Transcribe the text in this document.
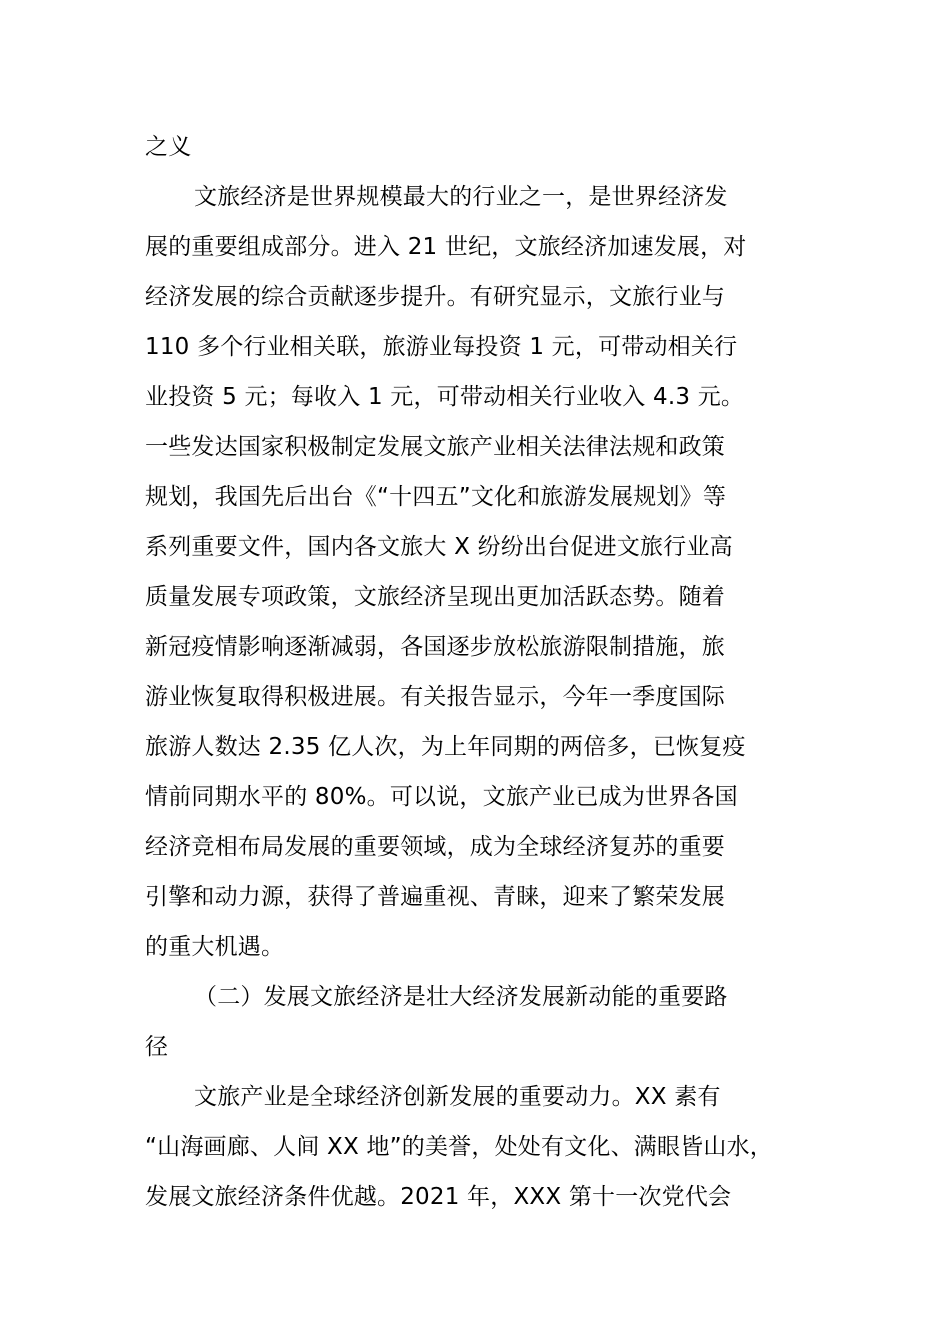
之义
文旅经济是世界规模最大的行业之一，是世界经济发
展的重要组成部分。进入 21 世纪，文旅经济加速发展，对
经济发展的综合贡献逐步提升。有研究显示，文旅行业与
110 多个行业相关联，旅游业每投资 1 元，可带动相关行
业投资 5 元；每收入 1 元，可带动相关行业收入 4.3 元。
一些发达国家积极制定发展文旅产业相关法律法规和政策
规划，我国先后出台《“十四五”文化和旅游发展规划》等
系列重要文件，国内各文旅大 X 纷纷出台促进文旅行业高
质量发展专项政策，文旅经济呈现出更加活跃态势。随着
新冠疫情影响逐渐减弱，各国逐步放松旅游限制措施，旅
游业恢复取得积极进展。有关报告显示，今年一季度国际
旅游人数达 2.35 亿人次，为上年同期的两倍多，已恢复疫
情前同期水平的 80%。可以说，文旅产业已成为世界各国
经济竞相布局发展的重要领域，成为全球经济复苏的重要
引擎和动力源，获得了普遍重视、青睐，迎来了繁荣发展
的重大机遇。
（二）发展文旅经济是壮大经济发展新动能的重要路
径
文旅产业是全球经济创新发展的重要动力。XX 素有
“山海画廊、人间 XX 地”的美誉，处处有文化、满眼皆山水，
发展文旅经济条件优越。2021 年，XXX 第十一次党代会
